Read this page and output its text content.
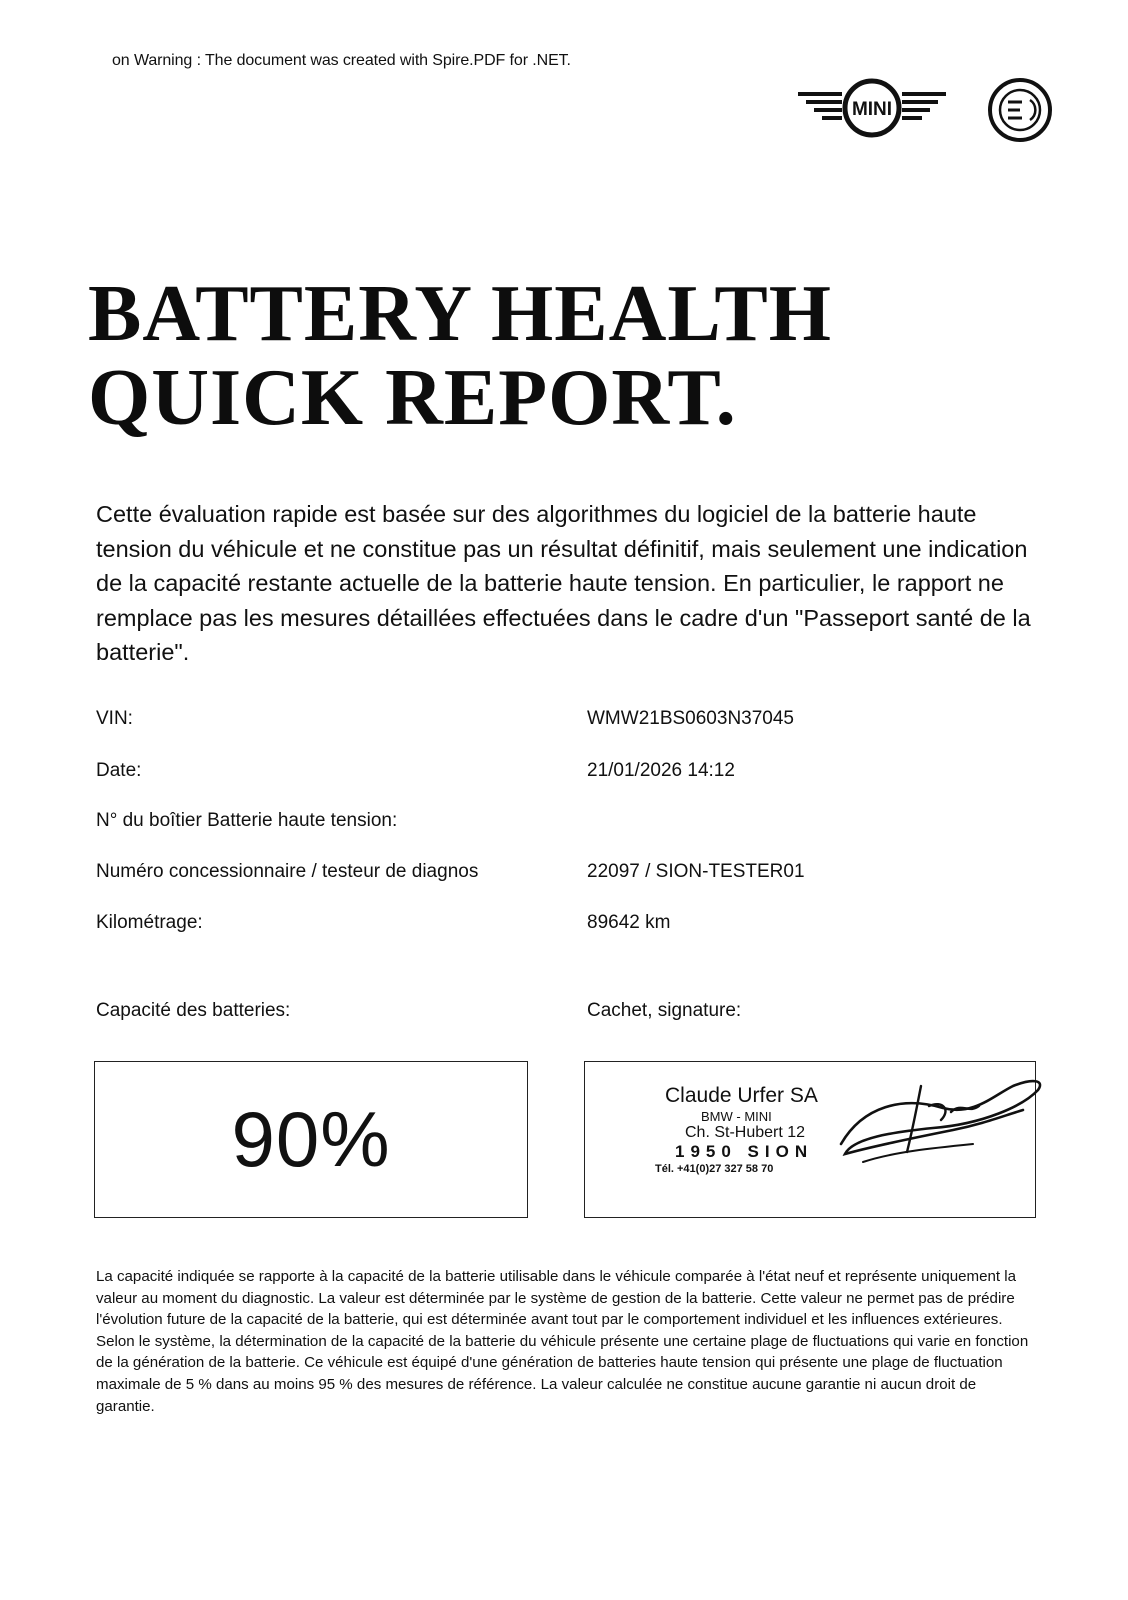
on Warning : The document was created with Spire.PDF for .NET.
MINI
BATTERY HEALTH
QUICK REPORT.
Cette évaluation rapide est basée sur des algorithmes du logiciel de la batterie haute tension du véhicule et ne constitue pas un résultat définitif, mais seulement une indication de la capacité restante actuelle de la batterie haute tension. En particulier, le rapport ne remplace pas les mesures détaillées effectuées dans le cadre d'un "Passeport santé de la batterie".
VIN:	WMW21BS0603N37045
Date:	21/01/2026 14:12
N° du boîtier Batterie haute tension:
Numéro concessionnaire / testeur de diagnos	22097 / SION-TESTER01
Kilométrage:	89642 km
Capacité des batteries:	Cachet, signature:
90%	Claude Urfer SA
BMW - MINI
Ch. St-Hubert 12
1950 SION
Tél. +41(0)27 327 58 70
La capacité indiquée se rapporte à la capacité de la batterie utilisable dans le véhicule comparée à l'état neuf et représente uniquement la valeur au moment du diagnostic. La valeur est déterminée par le système de gestion de la batterie. Cette valeur ne permet pas de prédire l'évolution future de la capacité de la batterie, qui est déterminée avant tout par le comportement individuel et les influences extérieures. Selon le système, la détermination de la capacité de la batterie du véhicule présente une certaine plage de fluctuations qui varie en fonction de la génération de la batterie. Ce véhicule est équipé d'une génération de batteries haute tension qui présente une plage de fluctuation maximale de 5 % dans au moins 95 % des mesures de référence. La valeur calculée ne constitue aucune garantie ni aucun droit de garantie.
